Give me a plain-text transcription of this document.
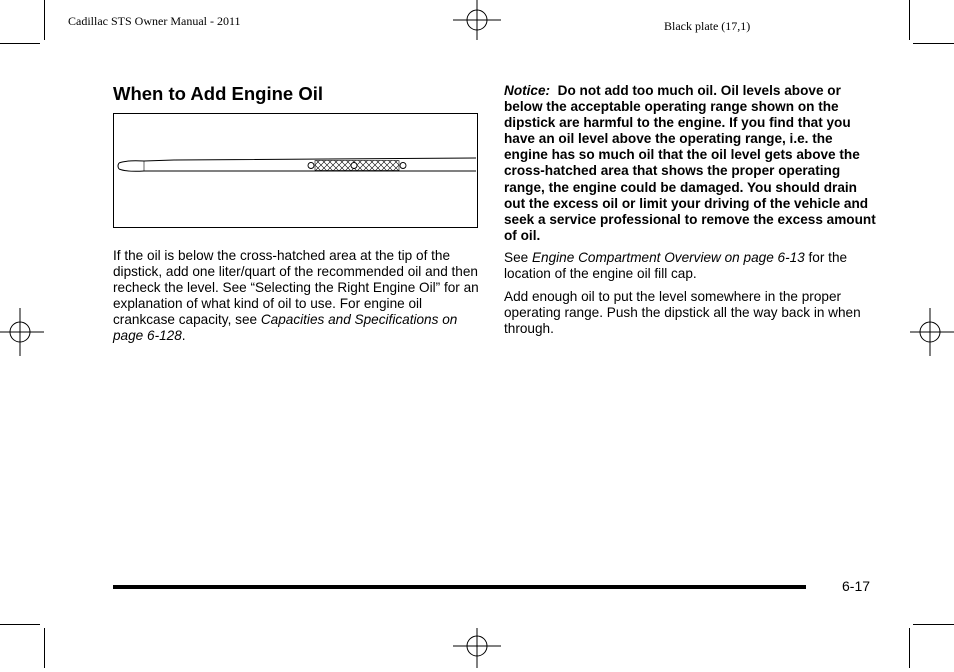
Cadillac STS Owner Manual - 2011	Black plate (17,1)
When to Add Engine Oil

If the oil is below the cross-hatched area at the tip of the dipstick, add one liter/quart of the recommended oil and then recheck the level. See “Selecting the Right Engine Oil” for an explanation of what kind of oil to use. For engine oil crankcase capacity, see Capacities and Specifications on page 6-128.

Notice: Do not add too much oil. Oil levels above or below the acceptable operating range shown on the dipstick are harmful to the engine. If you find that you have an oil level above the operating range, i.e. the engine has so much oil that the oil level gets above the cross-hatched area that shows the proper operating range, the engine could be damaged. You should drain out the excess oil or limit your driving of the vehicle and seek a service professional to remove the excess amount of oil.

See Engine Compartment Overview on page 6-13 for the location of the engine oil fill cap.

Add enough oil to put the level somewhere in the proper operating range. Push the dipstick all the way back in when through.

6-17
